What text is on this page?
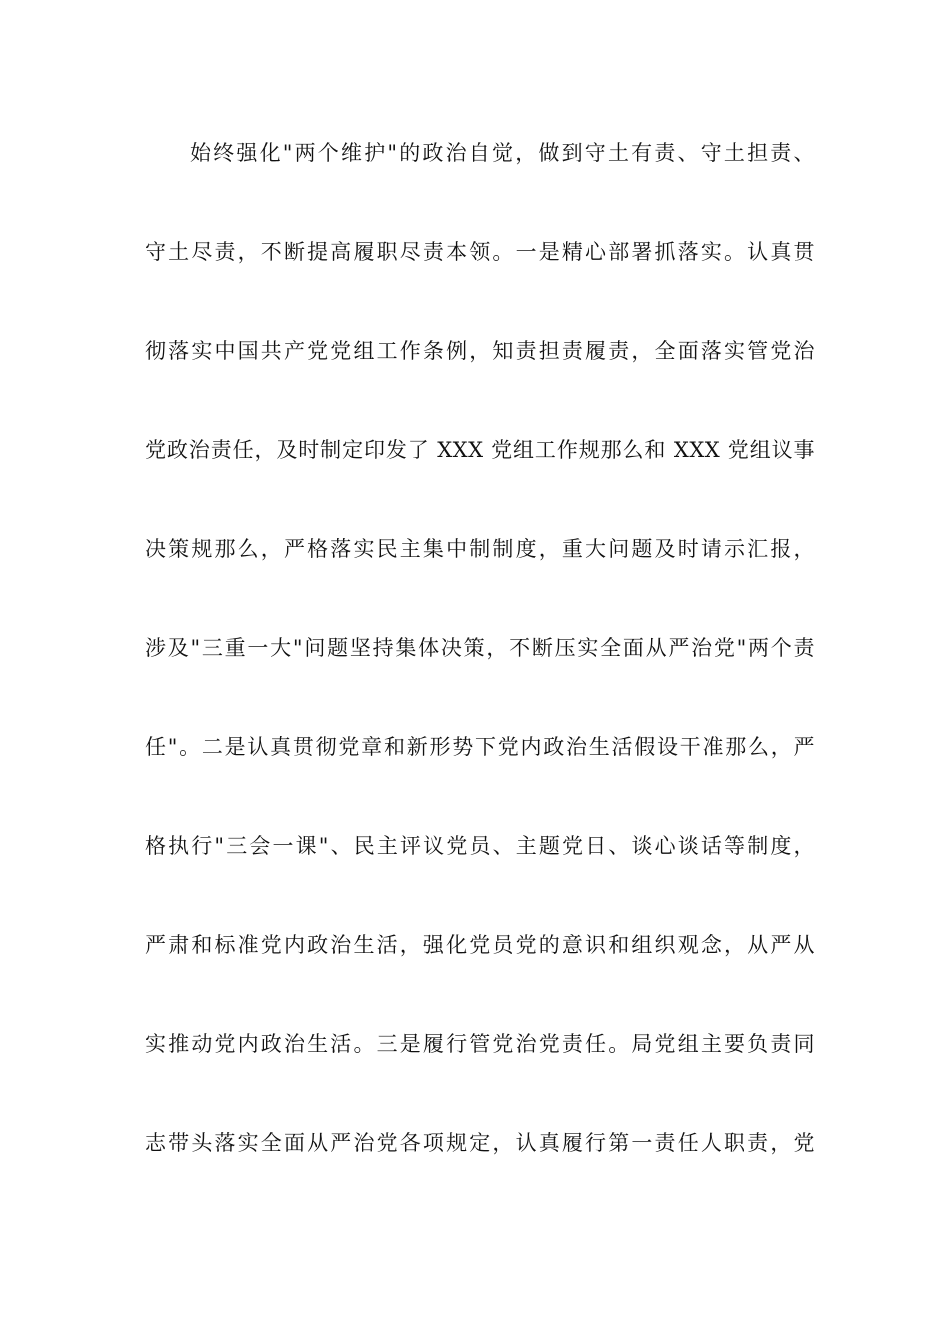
始终强化"两个维护"的政治自觉，做到守土有责、守土担责、
守土尽责，不断提高履职尽责本领。一是精心部署抓落实。认真贯
彻落实中国共产党党组工作条例，知责担责履责，全面落实管党治
党政治责任，及时制定印发了 XXX 党组工作规那么和 XXX 党组议事
决策规那么，严格落实民主集中制制度，重大问题及时请示汇报，
涉及"三重一大"问题坚持集体决策，不断压实全面从严治党"两个责
任"。二是认真贯彻党章和新形势下党内政治生活假设干准那么，严
格执行"三会一课"、民主评议党员、主题党日、谈心谈话等制度，
严肃和标准党内政治生活，强化党员党的意识和组织观念，从严从
实推动党内政治生活。三是履行管党治党责任。局党组主要负责同
志带头落实全面从严治党各项规定，认真履行第一责任人职责，党
